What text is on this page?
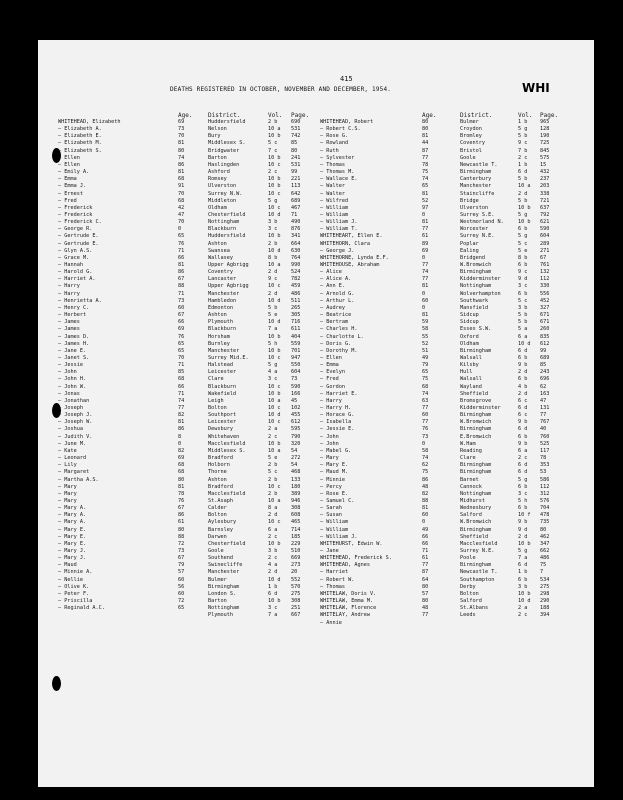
415
DEATHS REGISTERED IN OCTOBER, NOVEMBER AND DECEMBER, 1954.	WHI
WHITEHEAD, Elizabeth	69	Huddersfield	2 b	690
— Elizabeth A.	73	Nelson	10 a 531
— Elizabeth E.	70	Bury	10 b 742
— Elizabeth M.	81	Middlesex S.	5 c	85
— Elizabeth S.	80	Bridgwater	7 c	80
— Ellen	74	Barton	10 b 241
— Ellen	86	Haslingden	10 c 531
— Emily A.	81	Ashford	2 c	99
— Emma	68	Romsey	10 b 221
— Emma J.	91	Ulverston	10 b 113
— Ernest	70	Surrey N.W.	10 c 642
— Fred	68	Middleton	5 g	689
— Frederick	42	Oldham	10 c 467
— Frederick	47	Chesterfield	10 d 71
— Frederick C.	70	Nottingham	3 b	490
— George R.	0	Blackburn	3 c	876
— Gertrude E.	65	Huddersfield	10 b 341
— Gertrude E.	76	Ashton	2 b	664
— Glyn A.S.	71	Swansea	10 d 630
— Grace M.	66	Wallasey	8 b	764
— Hannah	81	Upper Agbrigg	10 a 990
— Harold G.	86	Coventry	2 d	524
— Harriet A.	67	Lancaster	9 c	782
— Harry	88	Upper Agbrigg	10 c 459
— Harry	71	Manchester	2 d	486
— Henrietta A.	73	Hambledon	10 d 511
— Henry C.	60	Edmonton	5 b	265
— Herbert	67	Ashton	5 e	305
— James	66	Plymouth	10 d 716
— James	69	Blackburn	7 a	611
— James D.	76	Horsham	10 b 404
— James H.	65	Burnley	5 h	559
— Jane E.	65	Manchester	10 b 701
— Janet S.	70	Surrey Mid.E.	10 c 947
— Jessie	71	Halstead	5 g	550
— John	85	Leicester	4 a	604
— John H.	68	Clare	3 c	73
— John W.	66	Blackburn	10 c 590
— Jonas	71	Wakefield	10 b 166
— Jonathan	74	Leigh	10 a 45
— Joseph	77	Bolton	10 c 102
— Joseph J.	82	Southport	10 d 455
— Joseph W.	81	Leicester	10 c 612
— Joshua	86	Dewsbury	2 a	595
— Judith V.	8	Whitehaven	2 c	790
— June M.	0	Macclesfield	10 b 320
— Kate	82	Middlesex S.	10 a 54
— Leonard	69	Bradford	5 e	272
— Lily	68	Holborn	2 b	54
— Margaret	68	Thorne	5 c	468
— Martha A.S.	80	Ashton	2 b	133
— Mary	81	Bradford	10 c 180
— Mary	78	Macclesfield	2 b	389
— Mary	76	St.Asaph	10 a 946
— Mary A.	67	Calder	8 a	308
— Mary A.	86	Bolton	2 d	608
— Mary A.	61	Aylesbury	10 c 465
— Mary E.	80	Barnsley	6 a	714
— Mary E.	88	Darwen	2 c	185
— Mary E.	72	Chesterfield	10 b 229
— Mary J.	73	Goole	3 b	510
— Mary J.	67	Southend	2 c	669
— Maud	79	Swinecliffe	4 a	273
— Minnie A.	57	Manchester	2 d	20
— Nellie	60	Bulmer	10 d 552
— Olive K.	56	Birmingham	1 b	570
— Peter F.	60	London S.	6 d	275
— Priscilla	72	Barton	10 b 308
— Reginald A.C.	65	Nottingham	3 c	251
Plymouth	7 a	667
WHITEHEAD, Robert	80	Bulmer	1 b 965
— Robert C.S.	80	Croydon	5 g 128
— Rose G.	81	Bromley	5 b 190
— Rowland	44	Coventry	9 c 725
— Ruth	87	Bristol	7 b 845
— Sylvester	77	Goole	2 c 575
— Thomas	78	Newcastle T.	1 b 15
— Thomas M.	75	Birmingham	6 d 432
— Wallace E.	74	Canterbury	5 b 237
— Walter	65	Manchester	10 a 203
— Walter	81	Staincliffe	2 d 338
— Wilfred	52	Bridge	5 b 721
— William	97	Ulverston	10 b 637
— William	0	Surrey S.E.	5 g 792
— William J.	81	Westmorland N.	10 b 621
— William T.	77	Worcester	6 b 590
WHITEHEART, Ellen E.	61	Surrey N.E.	5 g 604
WHITEHORN, Clara	89	Poplar	5 c 289
— George J.	69	Ealing	5 e 271
WHITEHORNE, Lynda E.F.	0	Bridgend	8 b 67
WHITEHOUSE, Abraham	77	W.Bromwich	6 b 761
— Alice	74	Birmingham	9 c 132
— Alice A.	77	Kidderminster	9 d 112
— Ann E.	81	Nottingham	3 c 330
— Arnold G.	0	Wolverhampton	6 b 556
— Arthur L.	60	Southwark	5 c 452
— Audrey	0	Mansfield	3 b 327
— Beatrice	81	Sidcup	5 b 671
— Bertram	59	Sidcup	5 b 671
— Charles H.	58	Essex S.W.	5 a 260
— Charlotte L.	55	Oxford	6 a 835
— Doris G.	52	Oldham	10 d 612
— Dorothy M.	51	Birmingham	6 d 99
— Ellen	49	Walsall	6 b 689
— Emma	79	Kilsby	9 b 85
— Evelyn	65	Hull	2 d 243
— Fred	75	Walsall	6 b 696
— Gordon	68	Wayland	4 b 62
— Harriet E.	74	Sheffield	2 d 163
— Harry	63	Bromsgrove	6 c 47
— Harry H.	77	Kidderminster	6 d 131
— Horace G.	60	Birmingham	6 c 77
— Isabella	77	W.Bromwich	9 b 767
— Jessie E.	76	Birmingham	6 d 40
— John	73	E.Bromwich	6 b 760
— John	0	W.Ham	9 b 525
— Mabel G.	58	Reading	6 a 117
— Mary	74	Clare	2 c 78
— Mary E.	62	Birmingham	6 d 353
— Maud M.	75	Birmingham	6 d 53
— Minnie	86	Barnet	5 g 586
— Percy	48	Cannock	6 b 112
— Rose E.	82	Nottingham	3 c 312
— Samuel C.	88	Midhurst	5 h 576
— Sarah	81	Wednesbury	6 b 704
— Susan	60	Salford	10 f 478
— William	0	W.Bromwich	9 b 735
— William	49	Birmingham	9 d 80
— William J.	66	Sheffield	2 d 462
WHITEHURST, Edwin W.	66	Macclesfield	10 b 347
— Jane	71	Surrey N.E.	5 g 662
WHITEHEAD, Frederick S.	61	Poole	7 a 486
WHITEHEAD, Agnes	77	Birmingham	6 d 75
— Harriet	87	Newcastle T.	1 b 7
— Robert W.	64	Southampton	6 b 534
— Thomas	80	Derby	3 b 275
WHITELAW, Doris V.	57	Bolton	10 b 298
WHITELAW, Emma M.	80	Salford	10 d 290
WHITELAW, Florence	48	St.Albans	2 a 188
WHITELAY, Andrew	77	Leeds	2 c 394
— Annie
Age.	District.	Vol. Page.	Age.	District.	Vol. Page.
